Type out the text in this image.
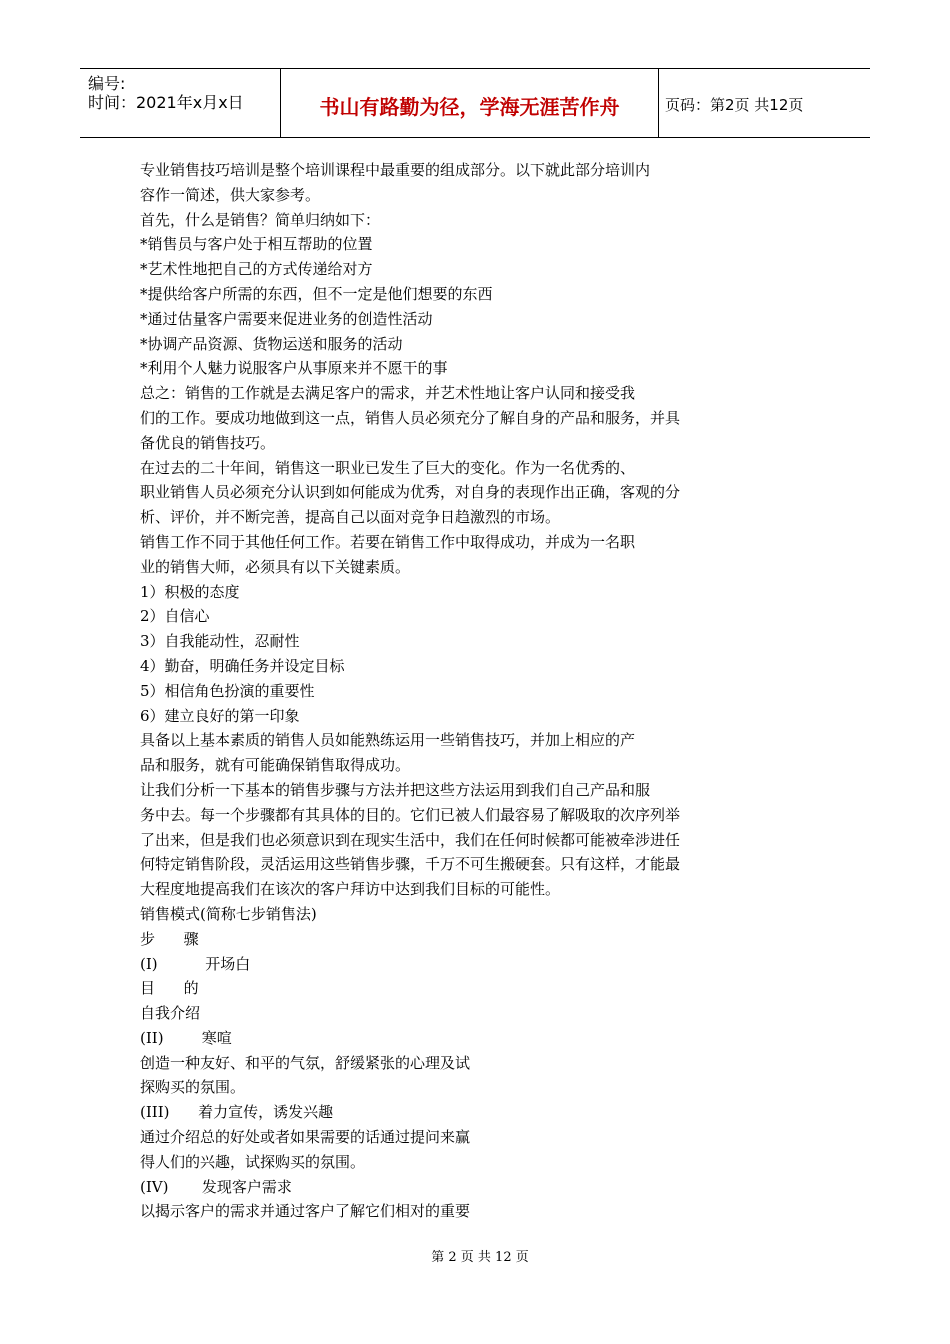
编号:
时间：2021年x月x日	书山有路勤为径，学海无涯苦作舟	页码：第2页 共12页
专业销售技巧培训是整个培训课程中最重要的组成部分。以下就此部分培训内
容作一简述，供大家参考。
首先，什么是销售？简单归纳如下：
*销售员与客户处于相互帮助的位置
*艺术性地把自己的方式传递给对方
*提供给客户所需的东西，但不一定是他们想要的东西
*通过估量客户需要来促进业务的创造性活动
*协调产品资源、货物运送和服务的活动
*利用个人魅力说服客户从事原来并不愿干的事
总之：销售的工作就是去满足客户的需求，并艺术性地让客户认同和接受我
们的工作。要成功地做到这一点，销售人员必须充分了解自身的产品和服务，并具
备优良的销售技巧。
在过去的二十年间，销售这一职业已发生了巨大的变化。作为一名优秀的、
职业销售人员必须充分认识到如何能成为优秀，对自身的表现作出正确，客观的分
析、评价，并不断完善，提高自己以面对竞争日趋激烈的市场。
销售工作不同于其他任何工作。若要在销售工作中取得成功，并成为一名职
业的销售大师，必须具有以下关键素质。
1）积极的态度
2）自信心
3）自我能动性，忍耐性
4）勤奋，明确任务并设定目标
5）相信角色扮演的重要性
6）建立良好的第一印象
具备以上基本素质的销售人员如能熟练运用一些销售技巧，并加上相应的产
品和服务，就有可能确保销售取得成功。
让我们分析一下基本的销售步骤与方法并把这些方法运用到我们自己产品和服
务中去。每一个步骤都有其具体的目的。它们已被人们最容易了解吸取的次序列举
了出来，但是我们也必须意识到在现实生活中，我们在任何时候都可能被牵涉进任
何特定销售阶段，灵活运用这些销售步骤，千万不可生搬硬套。只有这样，才能最
大程度地提高我们在该次的客户拜访中达到我们目标的可能性。
销售模式(简称七步销售法)
步      骤
(I)          开场白
目      的
自我介绍
(II)        寒喧
创造一种友好、和平的气氛，舒缓紧张的心理及试
探购买的氛围。
(III)      着力宣传，诱发兴趣
通过介绍总的好处或者如果需要的话通过提问来赢
得人们的兴趣，试探购买的氛围。
(IV)       发现客户需求
以揭示客户的需求并通过客户了解它们相对的重要
第 2 页 共 12 页
